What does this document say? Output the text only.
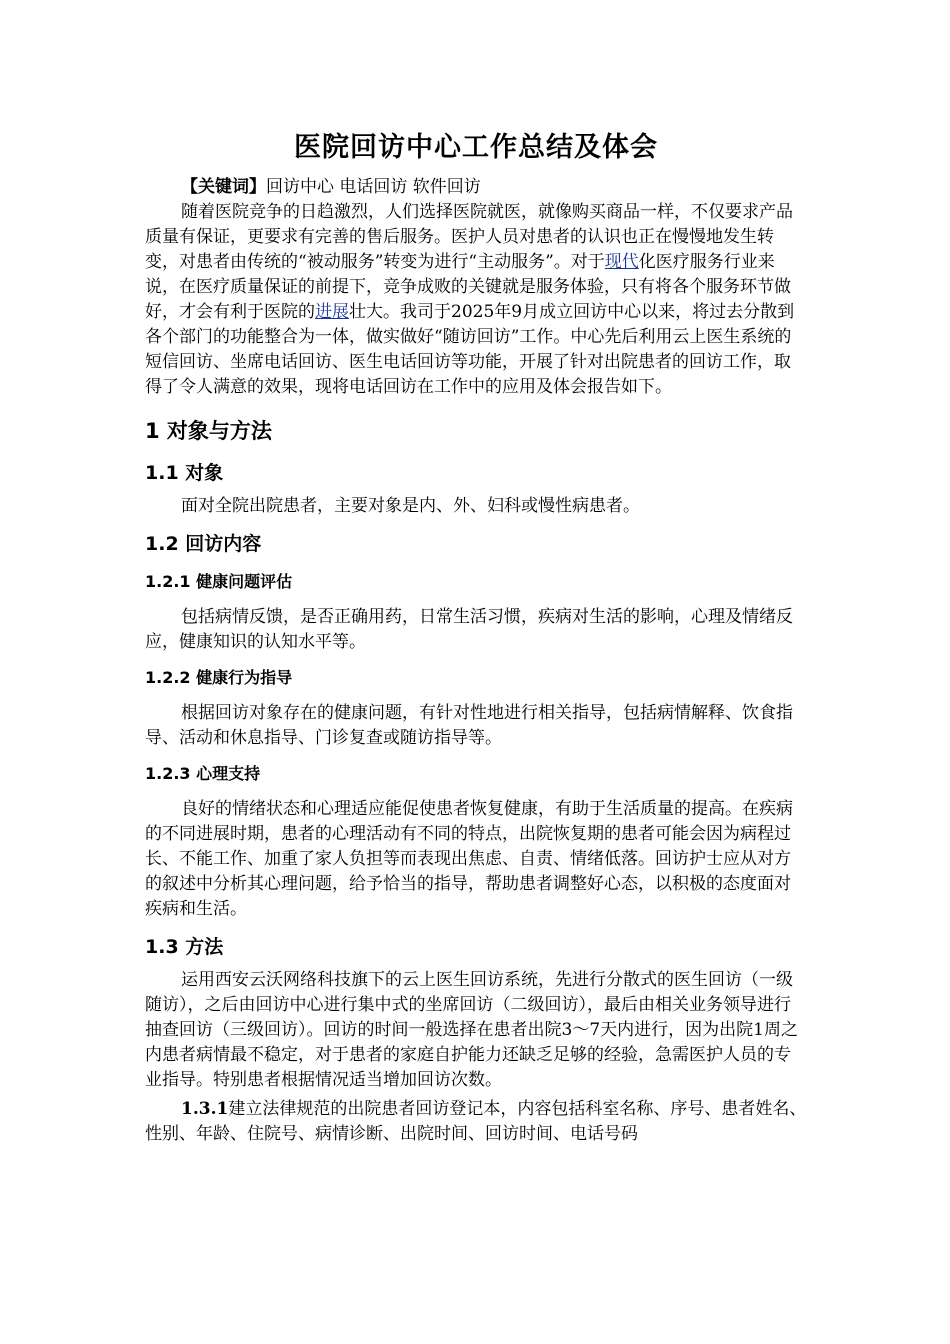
医院回访中心工作总结及体会

【关键词】回访中心 电话回访 软件回访

随着医院竞争的日趋激烈，人们选择医院就医，就像购买商品一样，不仅要求产品质量有保证，更要求有完善的售后服务。医护人员对患者的认识也正在慢慢地发生转变，对患者由传统的“被动服务”转变为进行“主动服务”。对于现代化医疗服务行业来说，在医疗质量保证的前提下，竞争成败的关键就是服务体验，只有将各个服务环节做好，才会有利于医院的进展壮大。我司于2025年9月成立回访中心以来，将过去分散到各个部门的功能整合为一体，做实做好“随访回访”工作。中心先后利用云上医生系统的短信回访、坐席电话回访、医生电话回访等功能，开展了针对出院患者的回访工作，取得了令人满意的效果，现将电话回访在工作中的应用及体会报告如下。

1 对象与方法
1.1 对象

面对全院出院患者，主要对象是内、外、妇科或慢性病患者。

1.2 回访内容
1.2.1 健康问题评估

包括病情反馈，是否正确用药，日常生活习惯，疾病对生活的影响，心理及情绪反应，健康知识的认知水平等。

1.2.2 健康行为指导

根据回访对象存在的健康问题，有针对性地进行相关指导，包括病情解释、饮食指导、活动和休息指导、门诊复查或随访指导等。

1.2.3 心理支持

良好的情绪状态和心理适应能促使患者恢复健康，有助于生活质量的提高。在疾病的不同进展时期，患者的心理活动有不同的特点，出院恢复期的患者可能会因为病程过长、不能工作、加重了家人负担等而表现出焦虑、自责、情绪低落。回访护士应从对方的叙述中分析其心理问题，给予恰当的指导，帮助患者调整好心态，以积极的态度面对疾病和生活。

1.3 方法

运用西安云沃网络科技旗下的云上医生回访系统，先进行分散式的医生回访（一级随访），之后由回访中心进行集中式的坐席回访（二级回访），最后由相关业务领导进行抽查回访（三级回访）。回访的时间一般选择在患者出院3～7天内进行，因为出院1周之内患者病情最不稳定，对于患者的家庭自护能力还缺乏足够的经验，急需医护人员的专业指导。特别患者根据情况适当增加回访次数。

1.3.1建立法律规范的出院患者回访登记本，内容包括科室名称、序号、患者姓名、性别、年龄、住院号、病情诊断、出院时间、回访时间、电话号码
